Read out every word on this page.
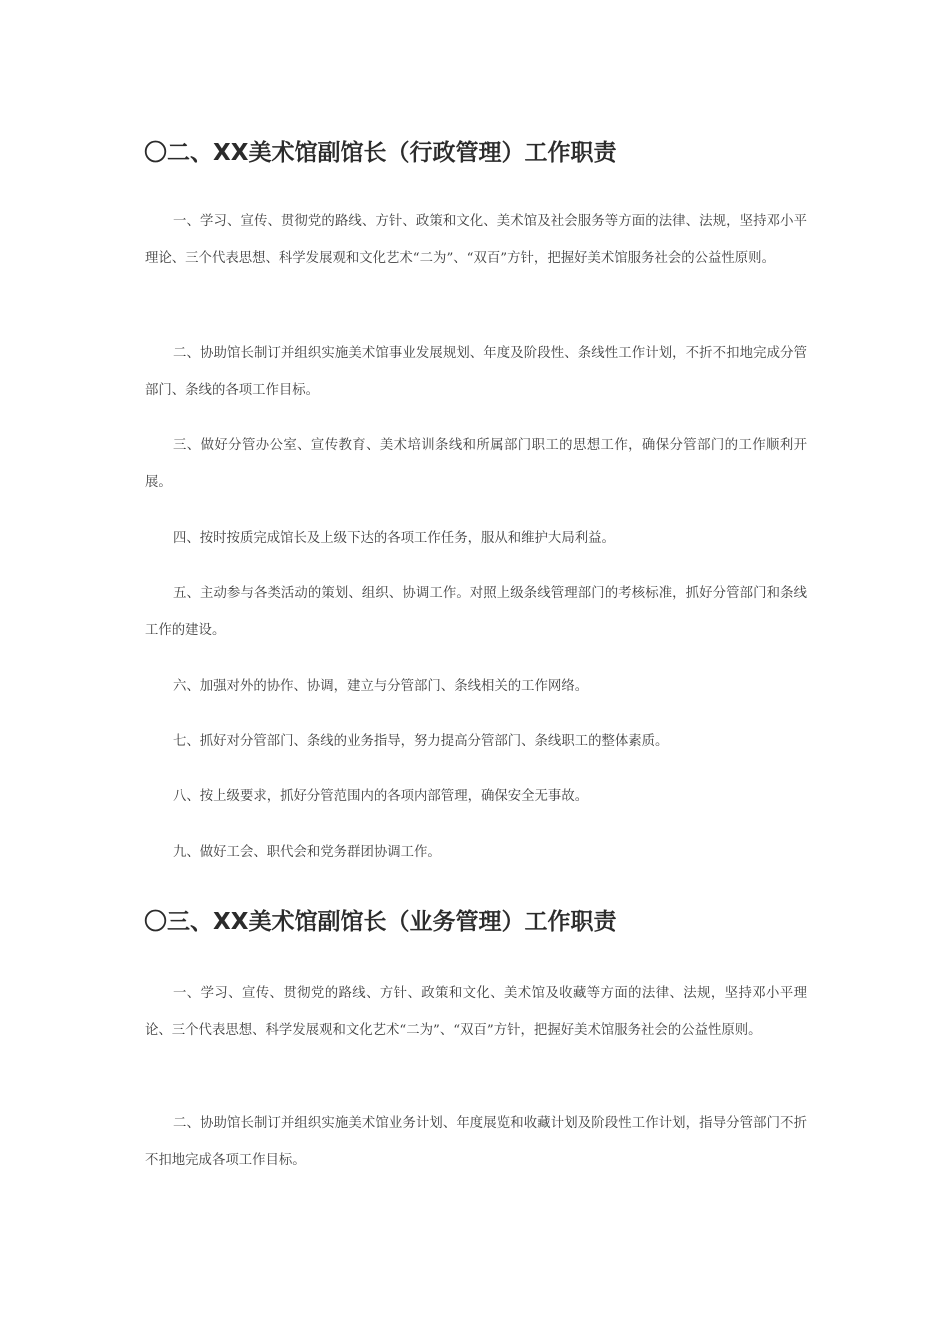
〇二、XX美术馆副馆长（行政管理）工作职责

一、学习、宣传、贯彻党的路线、方针、政策和文化、美术馆及社会服务等方面的法律、法规，坚持邓小平理论、三个代表思想、科学发展观和文化艺术“二为”、“双百”方针，把握好美术馆服务社会的公益性原则。

二、协助馆长制订并组织实施美术馆事业发展规划、年度及阶段性、条线性工作计划，不折不扣地完成分管部门、条线的各项工作目标。

三、做好分管办公室、宣传教育、美术培训条线和所属部门职工的思想工作，确保分管部门的工作顺利开展。

四、按时按质完成馆长及上级下达的各项工作任务，服从和维护大局利益。

五、主动参与各类活动的策划、组织、协调工作。对照上级条线管理部门的考核标准，抓好分管部门和条线工作的建设。

六、加强对外的协作、协调，建立与分管部门、条线相关的工作网络。

七、抓好对分管部门、条线的业务指导，努力提高分管部门、条线职工的整体素质。

八、按上级要求，抓好分管范围内的各项内部管理，确保安全无事故。

九、做好工会、职代会和党务群团协调工作。

〇三、XX美术馆副馆长（业务管理）工作职责

一、学习、宣传、贯彻党的路线、方针、政策和文化、美术馆及收藏等方面的法律、法规，坚持邓小平理论、三个代表思想、科学发展观和文化艺术“二为”、“双百”方针，把握好美术馆服务社会的公益性原则。

二、协助馆长制订并组织实施美术馆业务计划、年度展览和收藏计划及阶段性工作计划，指导分管部门不折不扣地完成各项工作目标。
